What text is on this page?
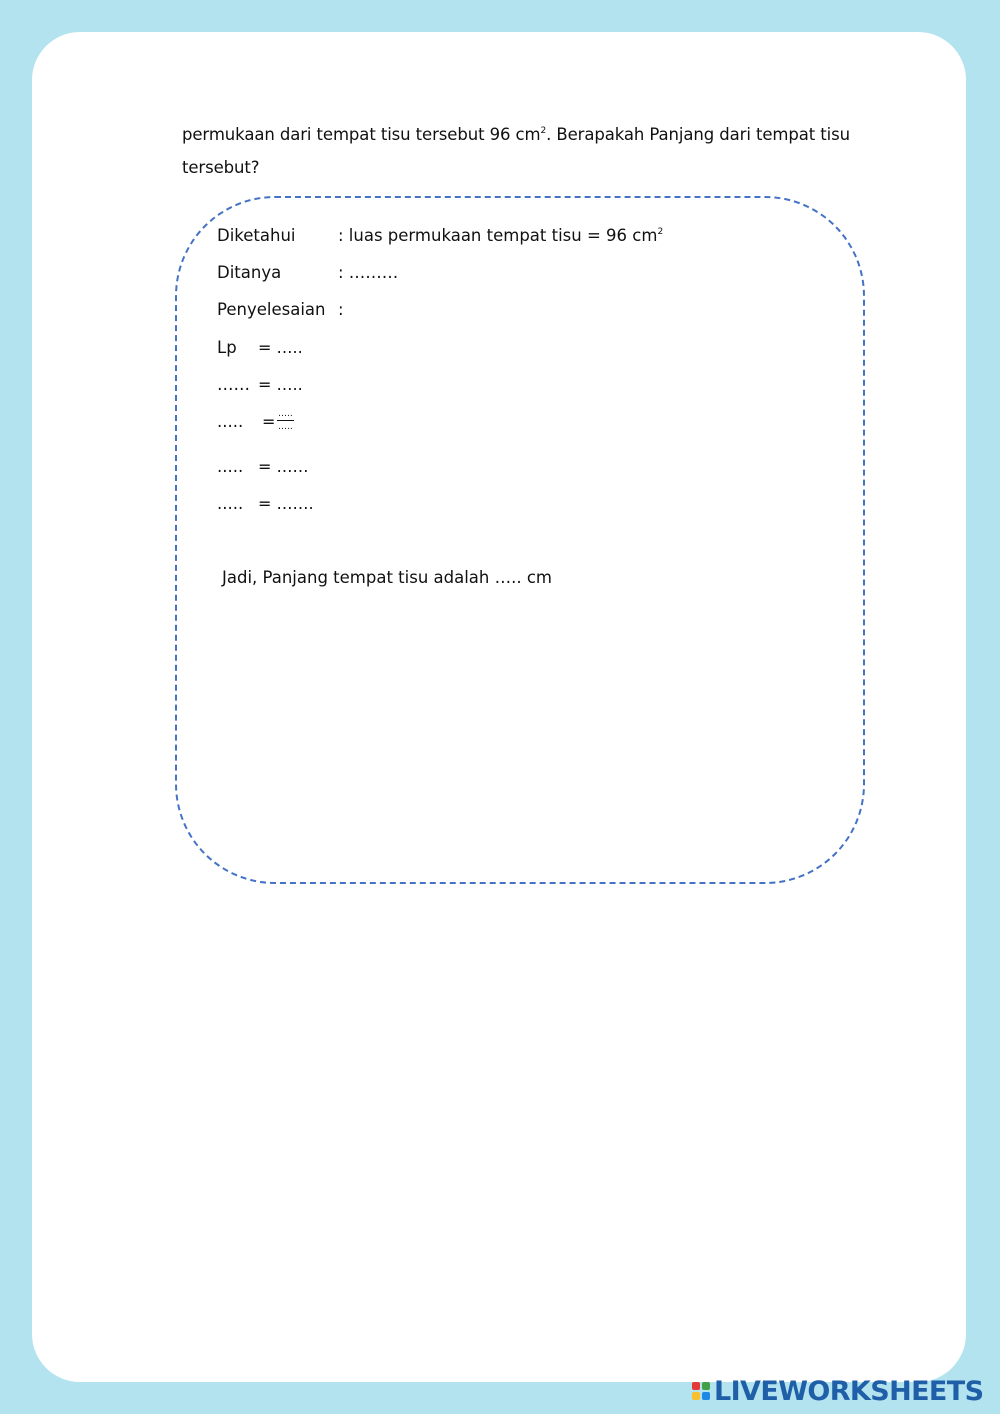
permukaan dari tempat tisu tersebut 96 $cm^2$. Berapakah Panjang dari tempat tisu
tersebut?
Diketahui	: luas permukaan tempat tisu = 96 $cm^2$
Ditanya	: ………
Penyelesaian :
Lp = …..
…… = …..
..... = …..
…..
..... = ……
..... = …….
Jadi, Panjang tempat tisu adalah ….. cm
LIVEWORKSHEETS
